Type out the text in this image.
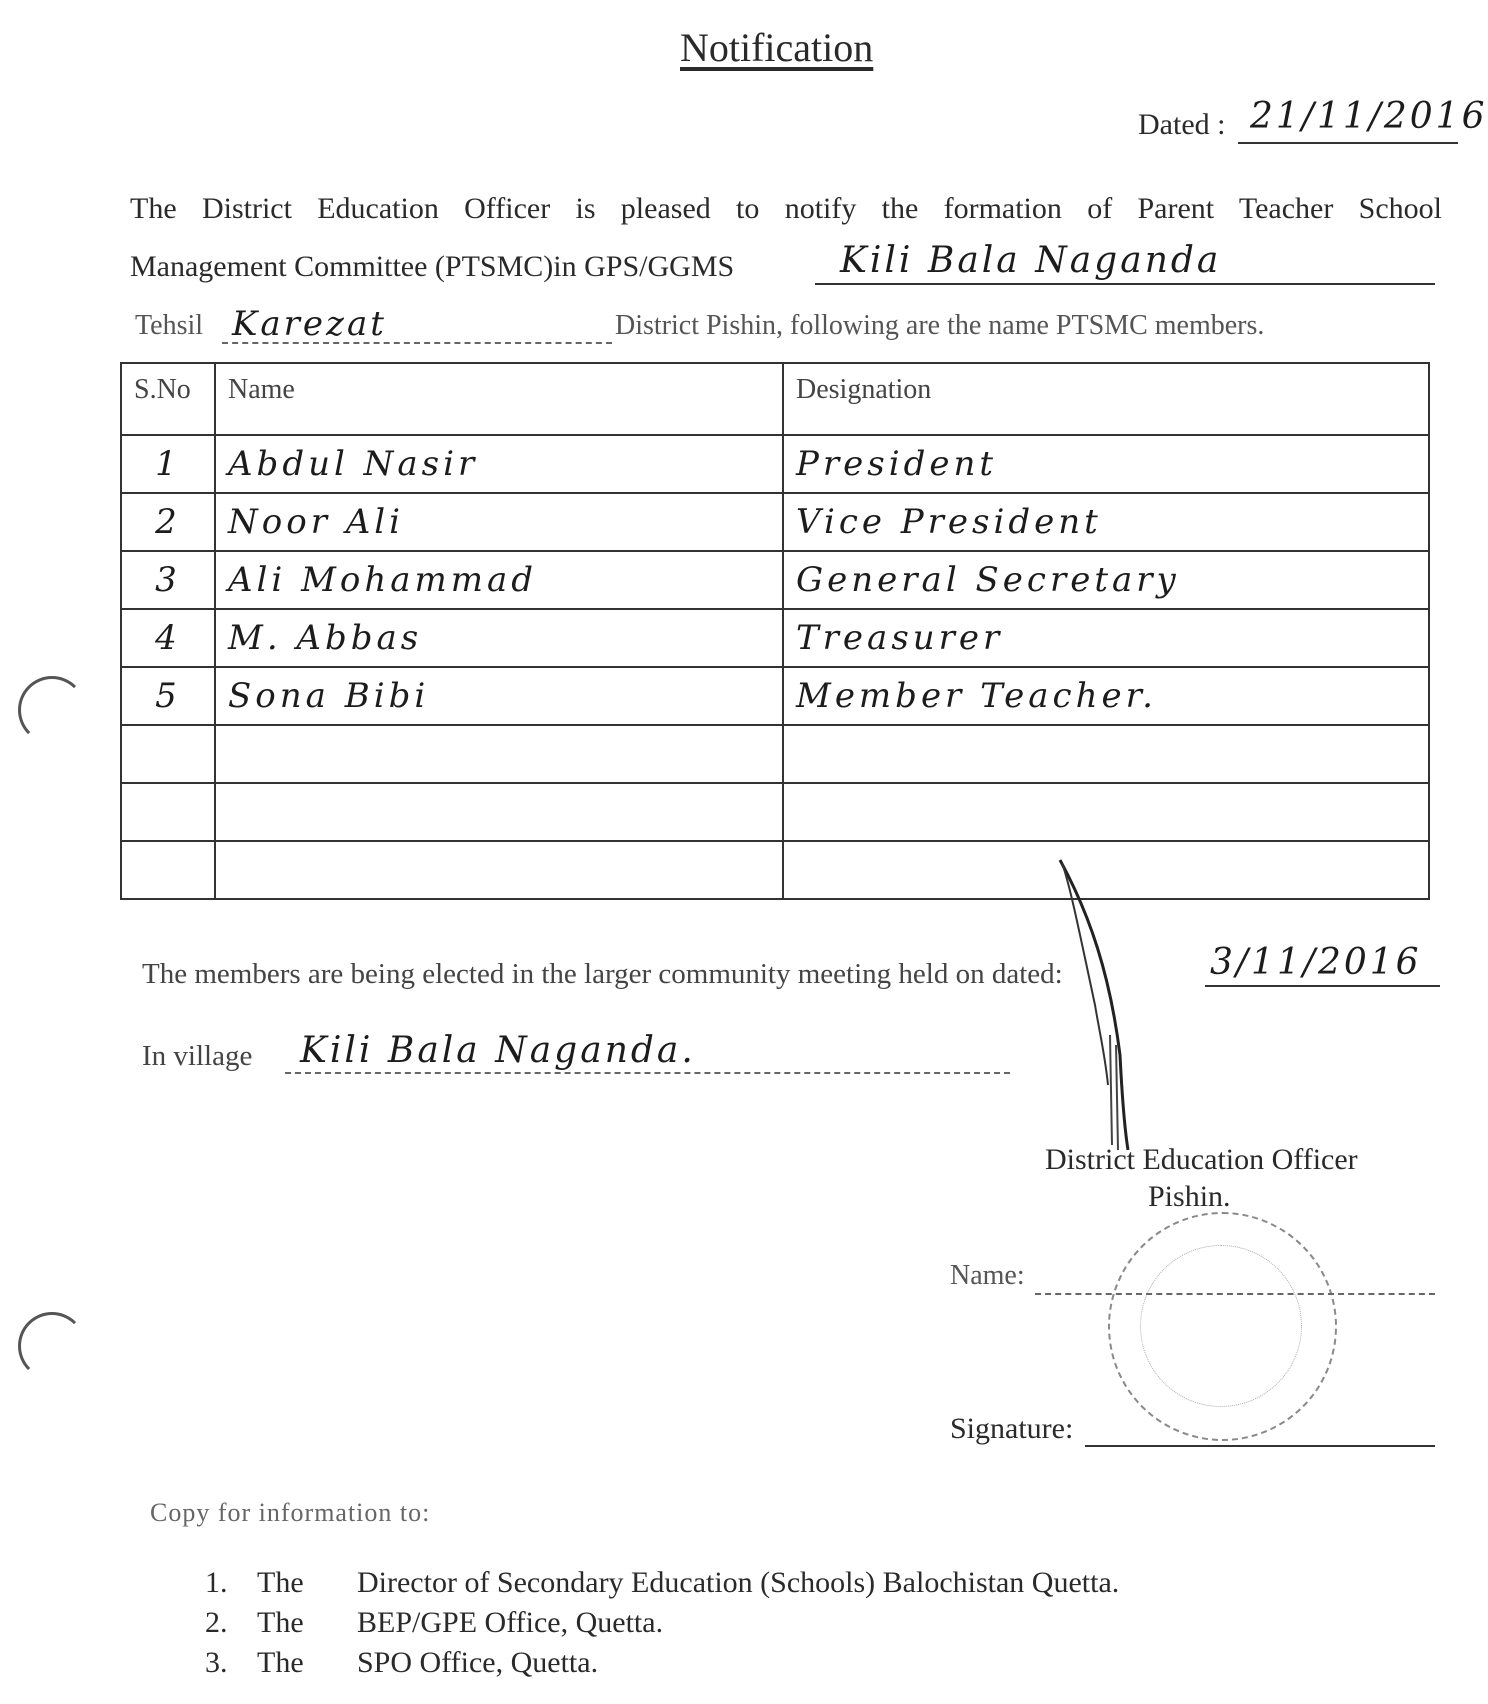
Notification
Dated : 21/11/2016
The District Education Officer is pleased to notify the formation of Parent Teacher School
Management Committee (PTSMC)in GPS/GGMS	Kili Bala Naganda
Tehsil Karezat	District Pishin, following are the name PTSMC members.
S.No	Name	Designation
1	Abdul Nasir	President
2	Noor Ali	Vice President
3	Ali Mohammad	General Secretary
4	M. Abbas	Treasurer
5	Sona Bibi	Member Teacher.

The members are being elected in the larger community meeting held on dated:	3/11/2016
In village Kili Bala Naganda.
District Education Officer
Pishin.
Name:
Signature:
Copy for information to:
1. The Director of Secondary Education (Schools) Balochistan Quetta.
2. The BEP/GPE Office, Quetta.
3. The SPO Office, Quetta.
